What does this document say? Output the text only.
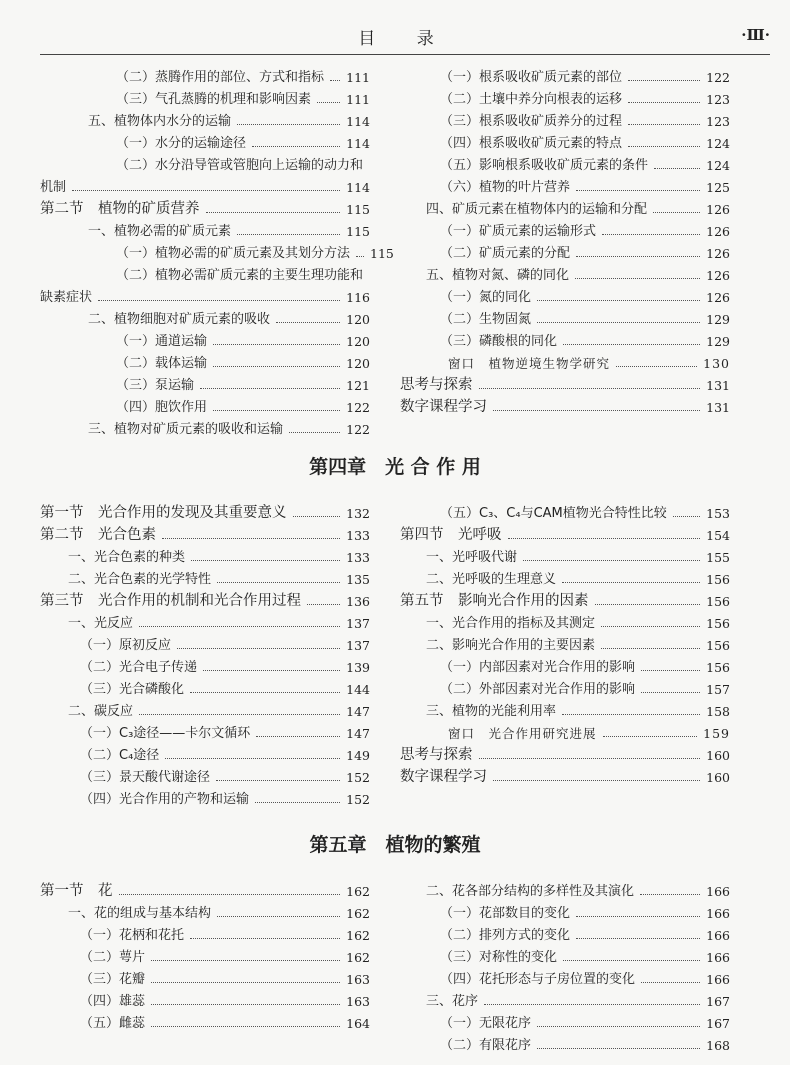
目 录	·Ⅲ·
第四章　光 合 作 用
第五章　植物的繁殖
（二）蒸腾作用的部位、方式和指标 111
（三）气孔蒸腾的机理和影响因素	111
五、植物体内水分的运输	114
（一）水分的运输途径	114
（二）水分沿导管或管胞向上运输的动力和
机制	114
第二节　植物的矿质营养	115
一、植物必需的矿质元素	115
（一）植物必需的矿质元素及其划分方法 115
（二）植物必需矿质元素的主要生理功能和
缺素症状	116
二、植物细胞对矿质元素的吸收	120
（一）通道运输	120
（二）载体运输	120
（三）泵运输	121
（四）胞饮作用	122
三、植物对矿质元素的吸收和运输	122
（一）根系吸收矿质元素的部位	122
（二）土壤中养分向根表的运移	123
（三）根系吸收矿质养分的过程	123
（四）根系吸收矿质元素的特点	124
（五）影响根系吸收矿质元素的条件	124
（六）植物的叶片营养	125
四、矿质元素在植物体内的运输和分配	126
（一）矿质元素的运输形式	126
（二）矿质元素的分配	126
五、植物对氮、磷的同化	126
（一）氮的同化	126
（二）生物固氮	129
（三）磷酸根的同化	129
窗口　植物逆境生物学研究	130
思考与探索	131
数字课程学习	131
第一节　光合作用的发现及其重要意义	132
第二节　光合色素	133
一、光合色素的种类	133
二、光合色素的光学特性	135
第三节　光合作用的机制和光合作用过程	136
一、光反应	137
（一）原初反应	137
（二）光合电子传递	139
（三）光合磷酸化	144
二、碳反应	147
（一）C₃途径——卡尔文循环	147
（二）C₄途径	149
（三）景天酸代谢途径	152
（四）光合作用的产物和运输	152
（五）C₃、C₄与CAM植物光合特性比较	153
第四节　光呼吸	154
一、光呼吸代谢	155
二、光呼吸的生理意义	156
第五节　影响光合作用的因素	156
一、光合作用的指标及其测定	156
二、影响光合作用的主要因素	156
（一）内部因素对光合作用的影响	156
（二）外部因素对光合作用的影响	157
三、植物的光能利用率	158
窗口　光合作用研究进展	159
思考与探索	160
数字课程学习	160
第一节　花	162
一、花的组成与基本结构	162
（一）花柄和花托	162
（二）萼片	162
（三）花瓣	163
（四）雄蕊	163
（五）雌蕊	164
二、花各部分结构的多样性及其演化	166
（一）花部数目的变化	166
（二）排列方式的变化	166
（三）对称性的变化	166
（四）花托形态与子房位置的变化	166
三、花序	167
（一）无限花序	167
（二）有限花序	168
